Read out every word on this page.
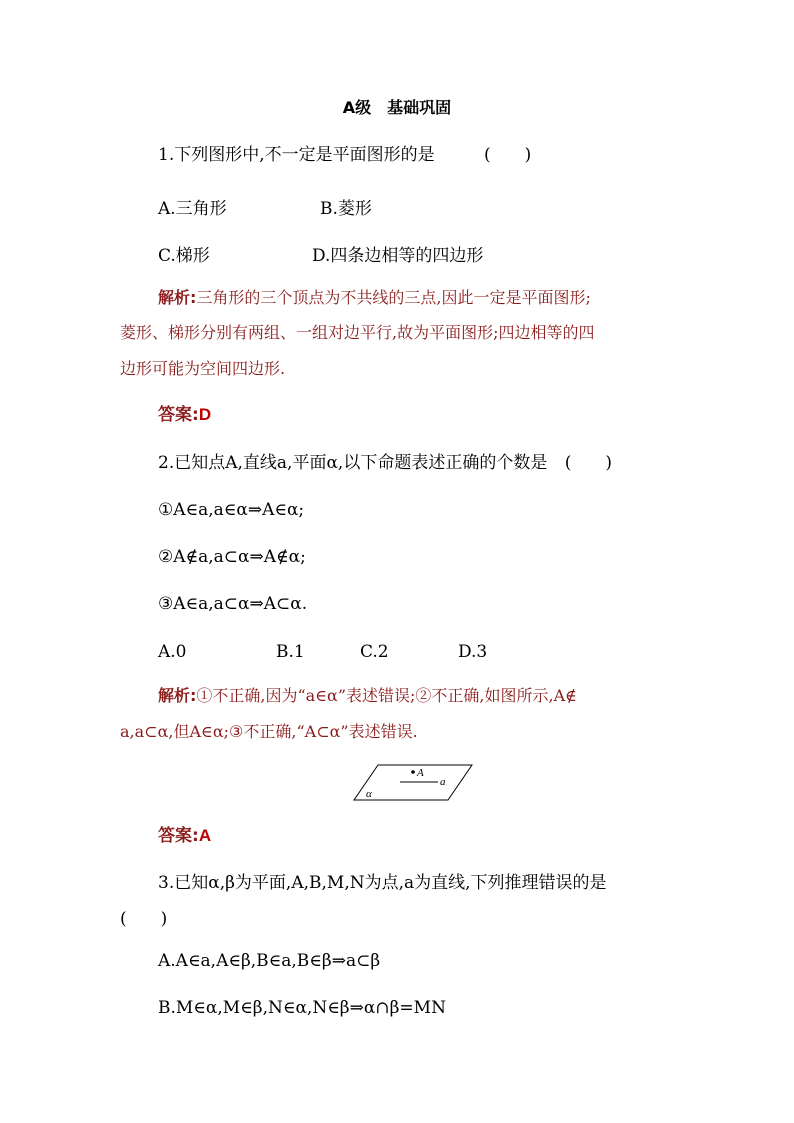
A级　基础巩固
1.下列图形中,不一定是平面图形的是	(　　)
A.三角形	B.菱形
C.梯形	D.四条边相等的四边形
解析:三角形的三个顶点为不共线的三点,因此一定是平面图形;
菱形、梯形分别有两组、一组对边平行,故为平面图形;四边相等的四
边形可能为空间四边形.
答案:D
2.已知点A,直线a,平面α,以下命题表述正确的个数是 (　　)
①A∈a,a∈α⇒A∈α;
②A∉a,a⊂α⇒A∉α;
③A∈a,a⊂α⇒A⊂α.
A.0	B.1	C.2	D.3
解析:①不正确,因为“a∈α”表述错误;②不正确,如图所示,A∉
a,a⊂α,但A∈α;③不正确,“A⊂α”表述错误.
A
a
α
答案:A
3.已知α,β为平面,A,B,M,N为点,a为直线,下列推理错误的是
(　　)
A.A∈a,A∈β,B∈a,B∈β⇒a⊂β
B.M∈α,M∈β,N∈α,N∈β⇒α∩β=MN
